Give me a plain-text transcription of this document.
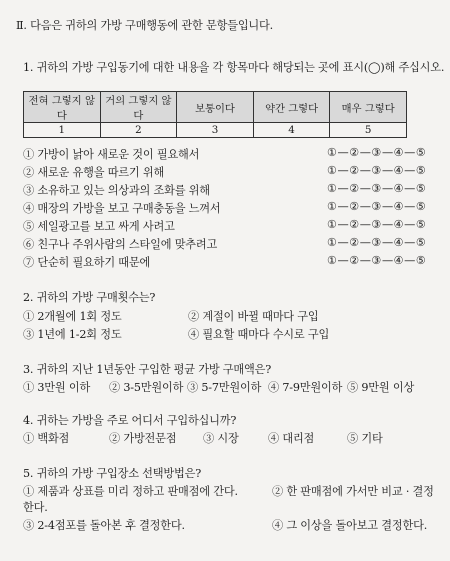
Ⅱ. 다음은 귀하의 가방 구매행동에 관한 문항들입니다.
1. 귀하의 가방 구입동기에 대한 내용을 각 항목마다 해당되는 곳에 표시(◯)해 주십시오.
전혀 그렇지 않다	거의 그렇지 않다	보통이다	약간 그렇다	매우 그렇다
1	2	3	4	5
① 가방이 낡아 새로운 것이 필요해서	①—②—③—④—⑤
② 새로운 유행을 따르기 위해	①—②—③—④—⑤
③ 소유하고 있는 의상과의 조화를 위해	①—②—③—④—⑤
④ 매장의 가방을 보고 구매충동을 느껴서	①—②—③—④—⑤
⑤ 세일광고를 보고 싸게 사려고	①—②—③—④—⑤
⑥ 친구나 주위사람의 스타일에 맞추려고	①—②—③—④—⑤
⑦ 단순히 필요하기 때문에	①—②—③—④—⑤
2. 귀하의 가방 구매횟수는?
① 2개월에 1회 정도	② 계절이 바뀔 때마다 구입
③ 1년에 1-2회 정도	④ 필요할 때마다 수시로 구입
3. 귀하의 지난 1년동안 구입한 평균 가방 구매액은?
① 3만원 이하 ② 3-5만원이하 ③ 5-7만원이하 ④ 7-9만원이하 ⑤ 9만원 이상
4. 귀하는 가방을 주로 어디서 구입하십니까?
① 백화점	② 가방전문점 ③ 시장	④ 대리점	⑤ 기타
5. 귀하의 가방 구입장소 선택방법은?
① 제품과 상표를 미리 정하고 판매점에 간다.	② 한 판매점에 가서만 비교 · 결정
한다.
③ 2-4점포를 돌아본 후 결정한다.	④ 그 이상을 돌아보고 결정한다.
